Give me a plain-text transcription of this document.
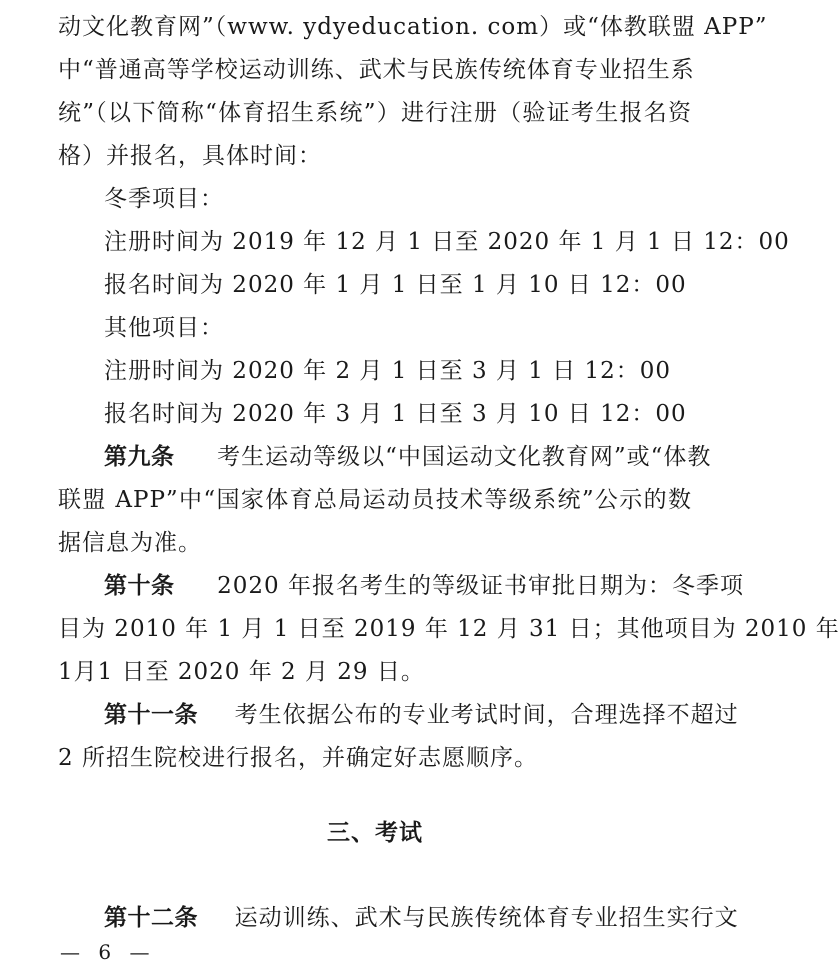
动文化教育网”（www. ydyeducation. com）或“体教联盟 APP”
中“普通高等学校运动训练、武术与民族传统体育专业招生系
统”（以下简称“体育招生系统”）进行注册（验证考生报名资
格）并报名，具体时间：
冬季项目：
注册时间为 2019 年 12 月 1 日至 2020 年 1 月 1 日 12：00
报名时间为 2020 年 1 月 1 日至 1 月 10 日 12：00
其他项目：
注册时间为 2020 年 2 月 1 日至 3 月 1 日 12：00
报名时间为 2020 年 3 月 1 日至 3 月 10 日 12：00
第九条 考生运动等级以“中国运动文化教育网”或“体教
联盟 APP”中“国家体育总局运动员技术等级系统”公示的数
据信息为准。
第十条 2020 年报名考生的等级证书审批日期为：冬季项
目为 2010 年 1 月 1 日至 2019 年 12 月 31 日；其他项目为 2010 年
1月1 日至 2020 年 2 月 29 日。
第十一条 考生依据公布的专业考试时间，合理选择不超过
2 所招生院校进行报名，并确定好志愿顺序。
三、考试
第十二条 运动训练、武术与民族传统体育专业招生实行文
— 6 —
